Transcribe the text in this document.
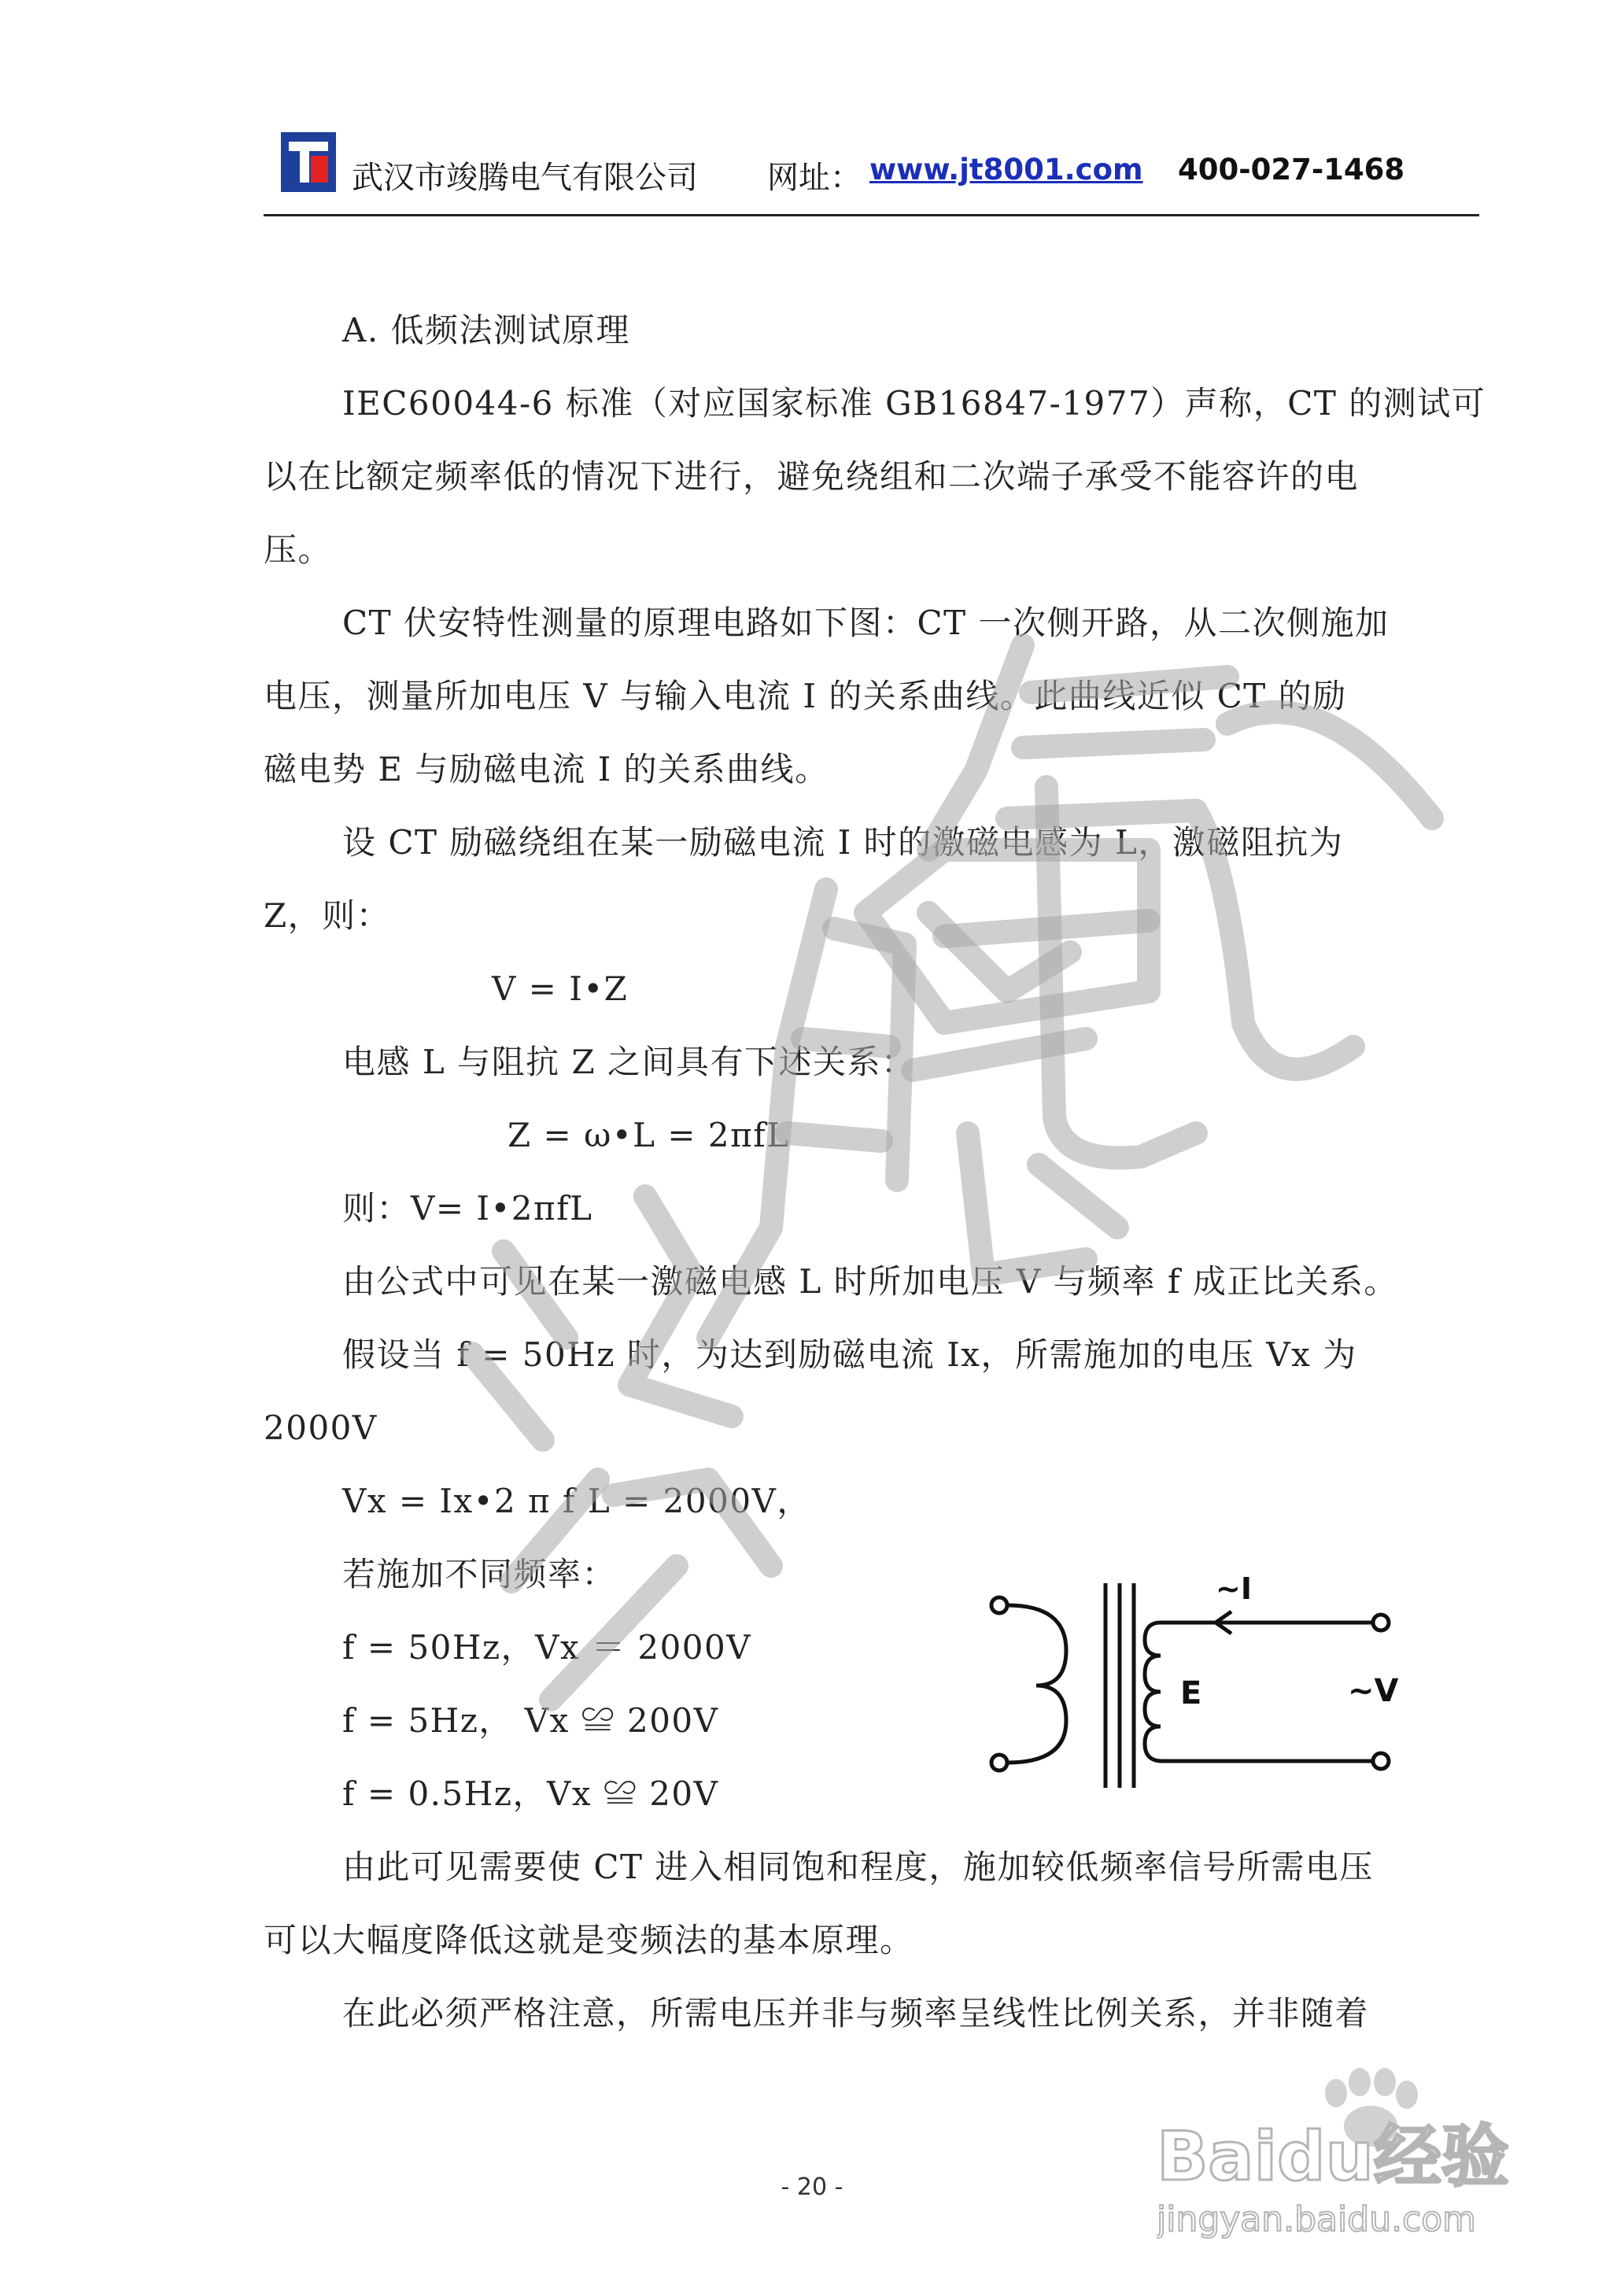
武汉市竣腾电气有限公司 网址： www.jt8001.com 400-027-1468
A. 低频法测试原理
IEC60044-6 标准（对应国家标准 GB16847-1977）声称，CT 的测试可
以在比额定频率低的情况下进行，避免绕组和二次端子承受不能容许的电
压。
CT 伏安特性测量的原理电路如下图：CT 一次侧开路，从二次侧施加
电压，测量所加电压 V 与输入电流 I 的关系曲线。此曲线近似 CT 的励
磁电势 E 与励磁电流 I 的关系曲线。
设 CT 励磁绕组在某一励磁电流 I 时的激磁电感为 L，激磁阻抗为
Z，则：
V = I•Z
电感 L 与阻抗 Z 之间具有下述关系：
Z = ω•L = 2πfL
则：V= I•2πfL
由公式中可见在某一激磁电感 L 时所加电压 V 与频率 f 成正比关系。
假设当 f = 50Hz 时，为达到励磁电流 Ix，所需施加的电压 Vx 为
2000V
Vx = Ix•2 π f L = 2000V，
若施加不同频率：
f = 50Hz，Vx ＝ 2000V
f = 5Hz， Vx ≌ 200V
f = 0.5Hz，Vx ≌ 20V
由此可见需要使 CT 进入相同饱和程度，施加较低频率信号所需电压
可以大幅度降低这就是变频法的基本原理。
在此必须严格注意，所需电压并非与频率呈线性比例关系，并非随着
~I
E	~V
Baidu经验
jingyan.baidu.com
- 20 -
